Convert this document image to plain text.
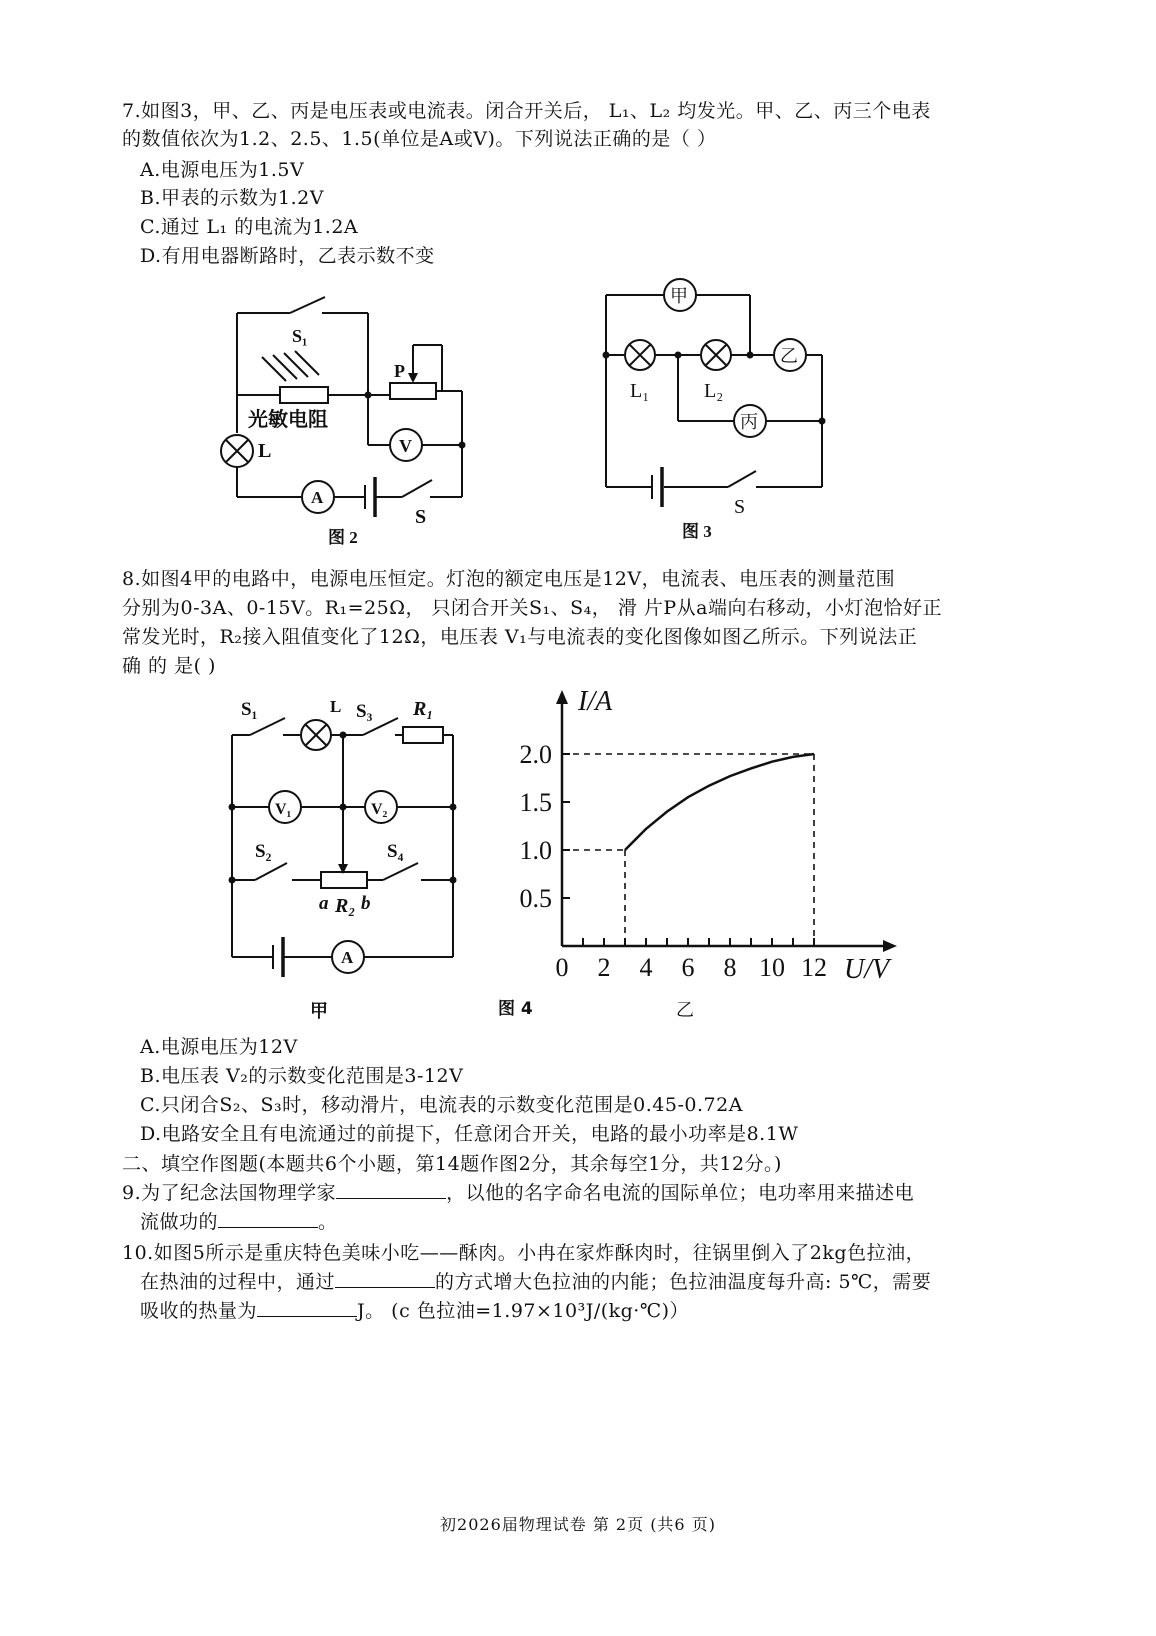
7.如图3，甲、乙、丙是电压表或电流表。闭合开关后， L₁、L₂ 均发光。甲、乙、丙三个电表
的数值依次为1.2、2.5、1.5(单位是A或V)。下列说法正确的是（ ）
A.电源电压为1.5V
B.甲表的示数为1.2V
C.通过 L₁ 的电流为1.2A
D.有用电器断路时，乙表示数不变
S₁
光敏电阻
P
V
L
A
S
图 2
甲
乙
丙
L₁	L₂
S
图 3
8.如图4甲的电路中，电源电压恒定。灯泡的额定电压是12V，电流表、电压表的测量范围
分别为0-3A、0-15V。R₁=25Ω， 只闭合开关S₁、S₄， 滑 片P从a端向右移动，小灯泡恰好正
常发光时，R₂接入阻值变化了12Ω，电压表 V₁与电流表的变化图像如图乙所示。下列说法正
确 的 是( )
S₁	L S₃ R₁
V₁	V₂
S₂	S₄
a R₂ b
A
甲
0 2 4 6 8 10 12
0.5
1.0
1.5
2.0
I/A
U/V
图 4	乙
A.电源电压为12V
B.电压表 V₂的示数变化范围是3-12V
C.只闭合S₂、S₃时，移动滑片，电流表的示数变化范围是0.45-0.72A
D.电路安全且有电流通过的前提下，任意闭合开关，电路的最小功率是8.1W
二、填空作图题(本题共6个小题，第14题作图2分，其余每空1分，共12分。)
9.为了纪念法国物理学家	，以他的名字命名电流的国际单位；电功率用来描述电
流做功的	。
10.如图5所示是重庆特色美味小吃——酥肉。小冉在家炸酥肉时，往锅里倒入了2kg色拉油，
在热油的过程中，通过	的方式增大色拉油的内能；色拉油温度每升高: 5℃，需要
吸收的热量为	J。 (c 色拉油=1.97×10³J/(kg·℃)）
初2026届物理试卷 第 2页 (共6 页)
